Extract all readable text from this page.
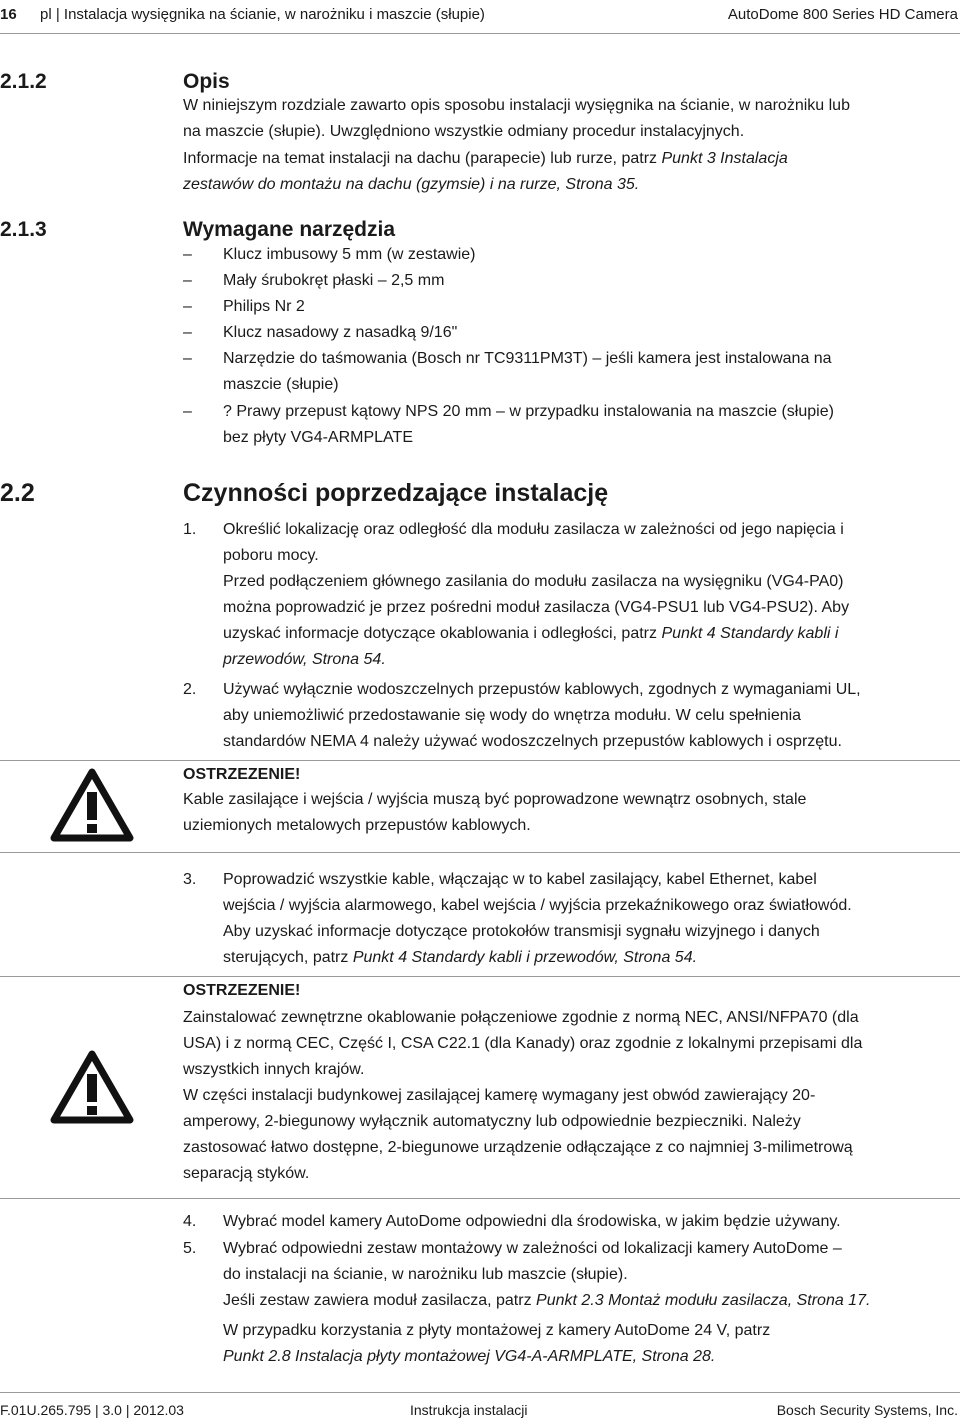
16 pl | Instalacja wysięgnika na ścianie, w narożniku i maszcie (słupie)	AutoDome 800 Series HD Camera
2.1.2	Opis
W niniejszym rozdziale zawarto opis sposobu instalacji wysięgnika na ścianie, w narożniku lub
na maszcie (słupie). Uwzględniono wszystkie odmiany procedur instalacyjnych.
Informacje na temat instalacji na dachu (parapecie) lub rurze, patrz Punkt 3 Instalacja
zestawów do montażu na dachu (gzymsie) i na rurze, Strona 35.
2.1.3	Wymagane narzędzia
– Klucz imbusowy 5 mm (w zestawie)
– Mały śrubokręt płaski – 2,5 mm
– Philips Nr 2
– Klucz nasadowy z nasadką 9/16"
– Narzędzie do taśmowania (Bosch nr TC9311PM3T) – jeśli kamera jest instalowana na
maszcie (słupie)
– ? Prawy przepust kątowy NPS 20 mm – w przypadku instalowania na maszcie (słupie)
bez płyty VG4-ARMPLATE
2.2	Czynności poprzedzające instalację
1. Określić lokalizację oraz odległość dla modułu zasilacza w zależności od jego napięcia i
poboru mocy.
Przed podłączeniem głównego zasilania do modułu zasilacza na wysięgniku (VG4-PA0)
można poprowadzić je przez pośredni moduł zasilacza (VG4-PSU1 lub VG4-PSU2). Aby
uzyskać informacje dotyczące okablowania i odległości, patrz Punkt 4 Standardy kabli i
przewodów, Strona 54.
2. Używać wyłącznie wodoszczelnych przepustów kablowych, zgodnych z wymaganiami UL,
aby uniemożliwić przedostawanie się wody do wnętrza modułu. W celu spełnienia
standardów NEMA 4 należy używać wodoszczelnych przepustów kablowych i osprzętu.
OSTRZEZENIE!
Kable zasilające i wejścia / wyjścia muszą być poprowadzone wewnątrz osobnych, stale
uziemionych metalowych przepustów kablowych.
3. Poprowadzić wszystkie kable, włączając w to kabel zasilający, kabel Ethernet, kabel
wejścia / wyjścia alarmowego, kabel wejścia / wyjścia przekaźnikowego oraz światłowód.
Aby uzyskać informacje dotyczące protokołów transmisji sygnału wizyjnego i danych
sterujących, patrz Punkt 4 Standardy kabli i przewodów, Strona 54.
OSTRZEZENIE!
Zainstalować zewnętrzne okablowanie połączeniowe zgodnie z normą NEC, ANSI/NFPA70 (dla
USA) i z normą CEC, Część I, CSA C22.1 (dla Kanady) oraz zgodnie z lokalnymi przepisami dla
wszystkich innych krajów.
W części instalacji budynkowej zasilającej kamerę wymagany jest obwód zawierający 20-
amperowy, 2-biegunowy wyłącznik automatyczny lub odpowiednie bezpieczniki. Należy
zastosować łatwo dostępne, 2-biegunowe urządzenie odłączające z co najmniej 3-milimetrową
separacją styków.
4. Wybrać model kamery AutoDome odpowiedni dla środowiska, w jakim będzie używany.
5. Wybrać odpowiedni zestaw montażowy w zależności od lokalizacji kamery AutoDome –
do instalacji na ścianie, w narożniku lub maszcie (słupie).
Jeśli zestaw zawiera moduł zasilacza, patrz Punkt 2.3 Montaż modułu zasilacza, Strona 17.
W przypadku korzystania z płyty montażowej z kamery AutoDome 24 V, patrz
Punkt 2.8 Instalacja płyty montażowej VG4-A-ARMPLATE, Strona 28.
F.01U.265.795 | 3.0 | 2012.03	Instrukcja instalacji	Bosch Security Systems, Inc.
